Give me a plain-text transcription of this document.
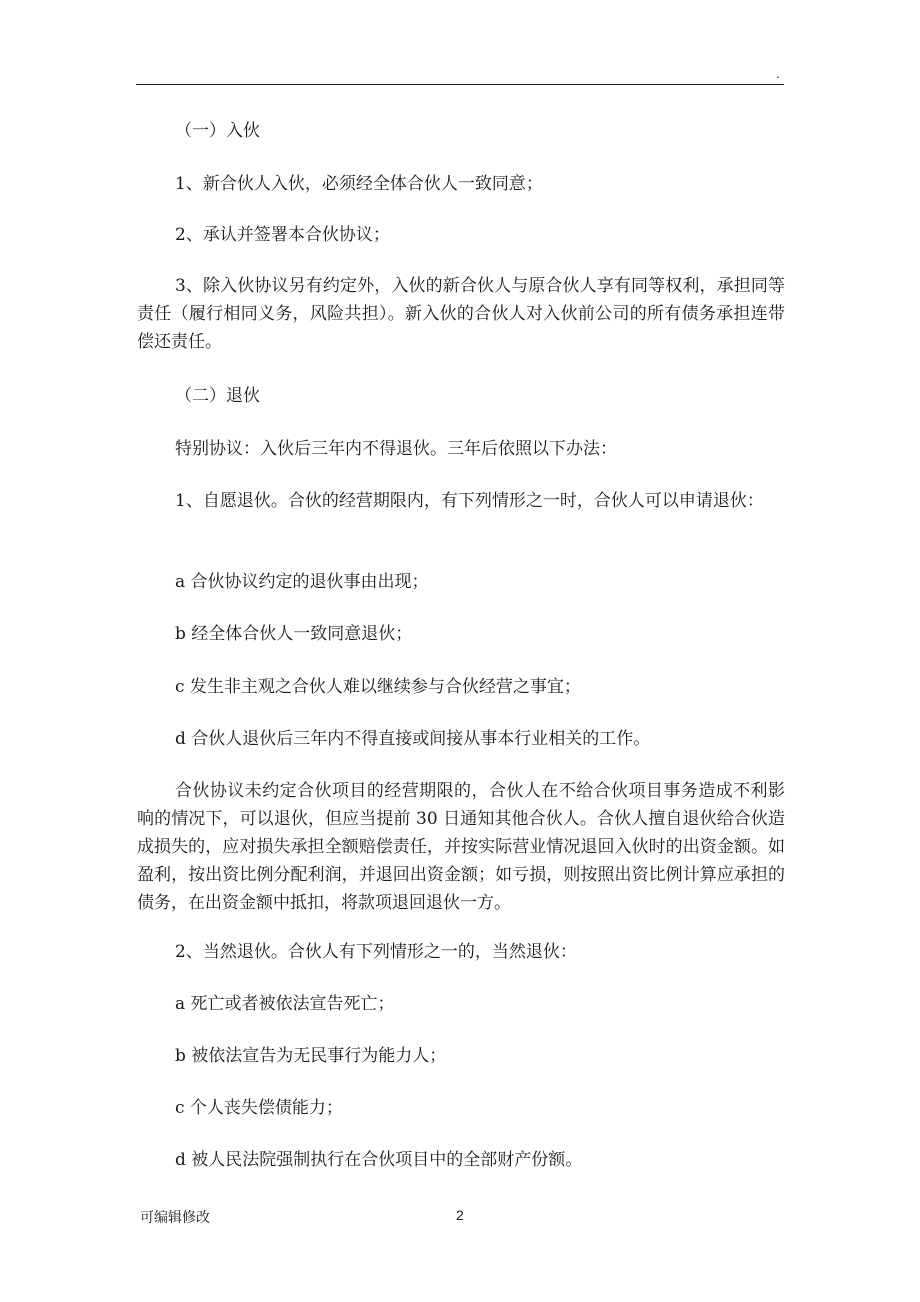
.
（一）入伙
1、新合伙人入伙，必须经全体合伙人一致同意；
2、承认并签署本合伙协议；
3、除入伙协议另有约定外，入伙的新合伙人与原合伙人享有同等权利，承担同等责任（履行相同义务，风险共担）。新入伙的合伙人对入伙前公司的所有债务承担连带偿还责任。
（二）退伙
特别协议：入伙后三年内不得退伙。三年后依照以下办法：
1、自愿退伙。合伙的经营期限内，有下列情形之一时，合伙人可以申请退伙：
a 合伙协议约定的退伙事由出现；
b 经全体合伙人一致同意退伙；
c 发生非主观之合伙人难以继续参与合伙经营之事宜；
d 合伙人退伙后三年内不得直接或间接从事本行业相关的工作。
合伙协议未约定合伙项目的经营期限的，合伙人在不给合伙项目事务造成不利影响的情况下，可以退伙，但应当提前 30 日通知其他合伙人。合伙人擅自退伙给合伙造成损失的，应对损失承担全额赔偿责任，并按实际营业情况退回入伙时的出资金额。如盈利，按出资比例分配利润，并退回出资金额；如亏损，则按照出资比例计算应承担的债务，在出资金额中抵扣，将款项退回退伙一方。
2、当然退伙。合伙人有下列情形之一的，当然退伙：
a 死亡或者被依法宣告死亡；
b 被依法宣告为无民事行为能力人；
c 个人丧失偿债能力；
d 被人民法院强制执行在合伙项目中的全部财产份额。
可编辑修改	2
